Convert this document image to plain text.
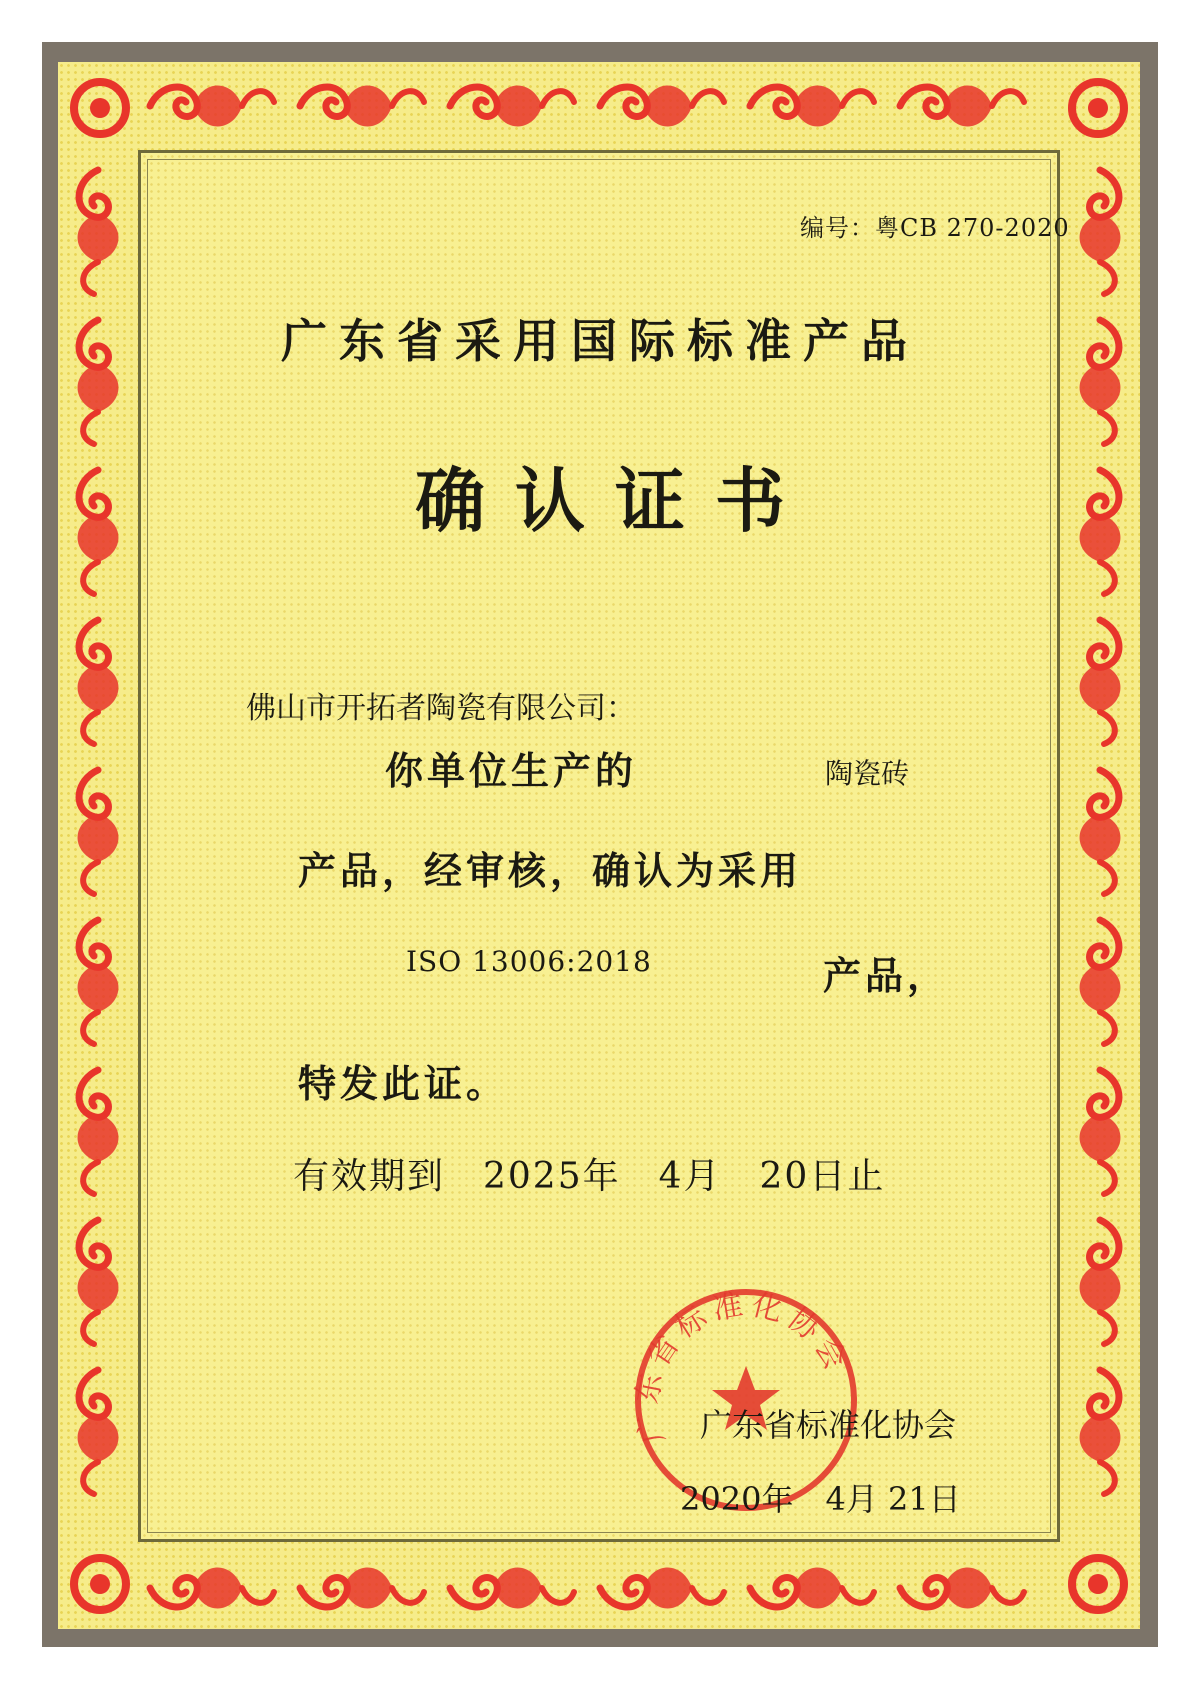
编号：粤CB 270-2020
广东省采用国际标准产品
确认证书
佛山市开拓者陶瓷有限公司：
你单位生产的	陶瓷砖
产品，经审核，确认为采用
ISO 13006:2018	产品，
特发此证。
有效期到　2025年　4月　20日止
广东省标准化协会
广东省标准化协会
2020年　4月 21日
